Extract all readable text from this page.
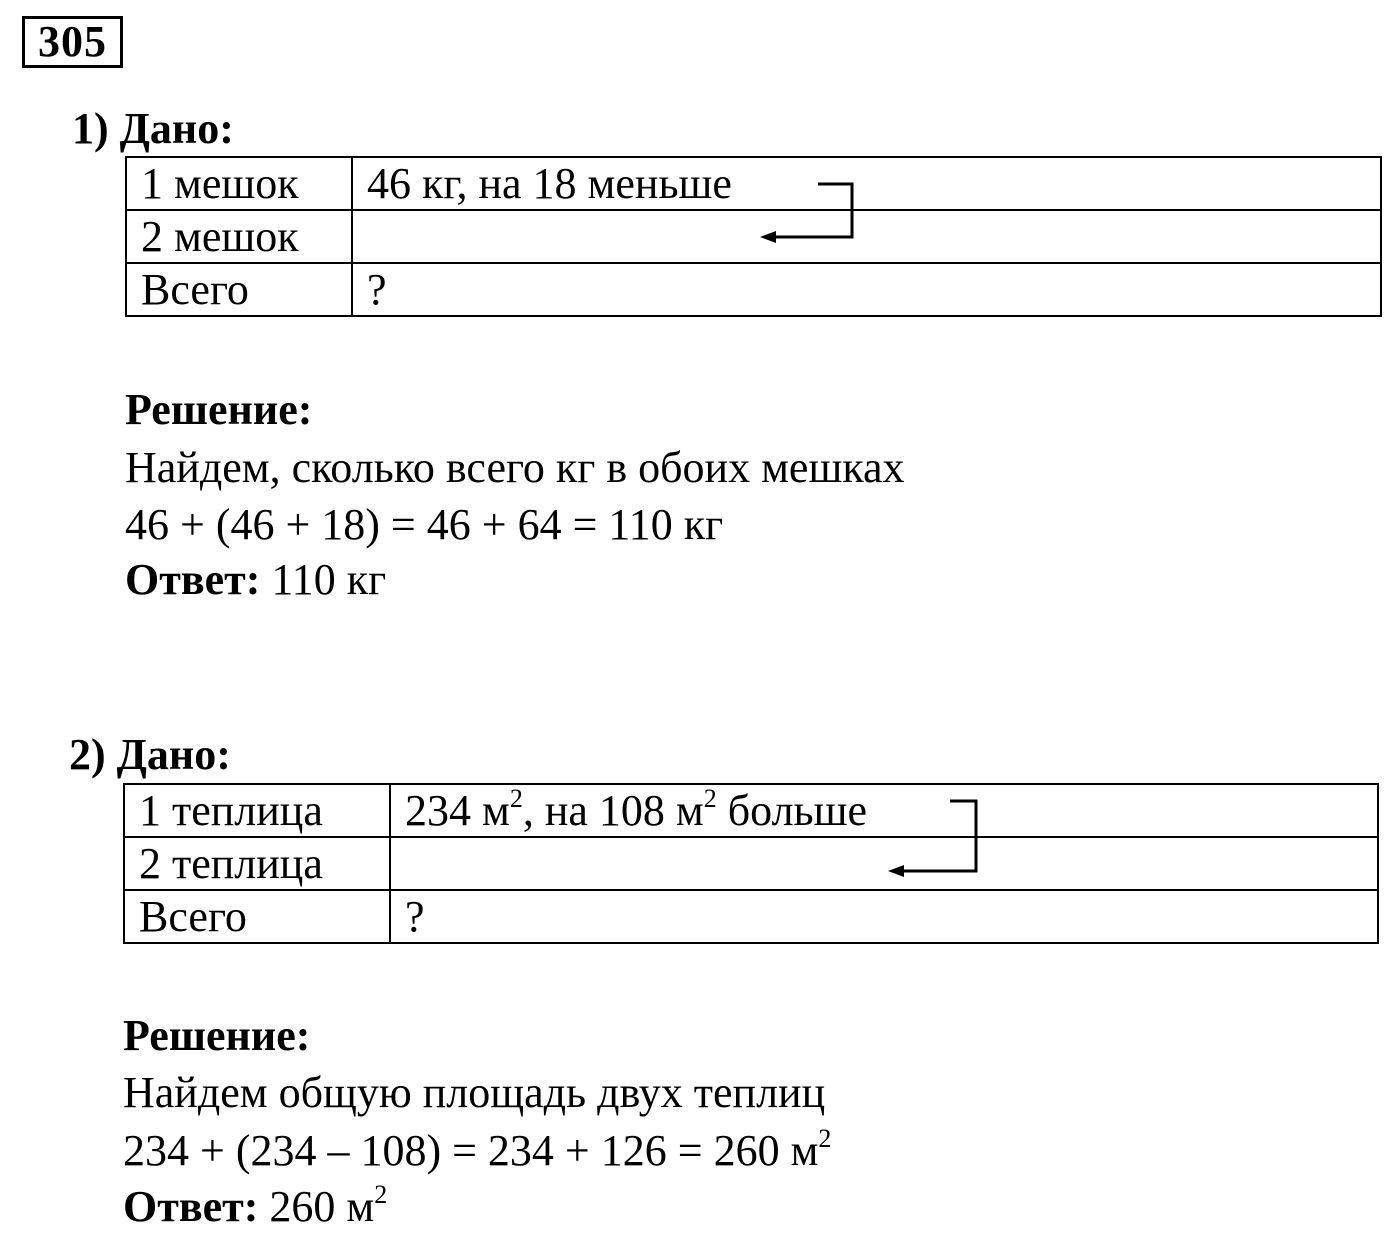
305
1) Дано:
1 мешок	46 кг, на 18 меньше
2 мешок	
Всего	?
Решение:
Найдем, сколько всего кг в обоих мешках
46 + (46 + 18) = 46 + 64 = 110 кг
Ответ: 110 кг
2) Дано:
1 теплица	234 $м^2$, на 108 $м^2$ больше
2 теплица	
Всего	?
Решение:
Найдем общую площадь двух теплиц
234 + (234 – 108) = 234 + 126 = 260 $м^2$
Ответ: 260 $м^2$
